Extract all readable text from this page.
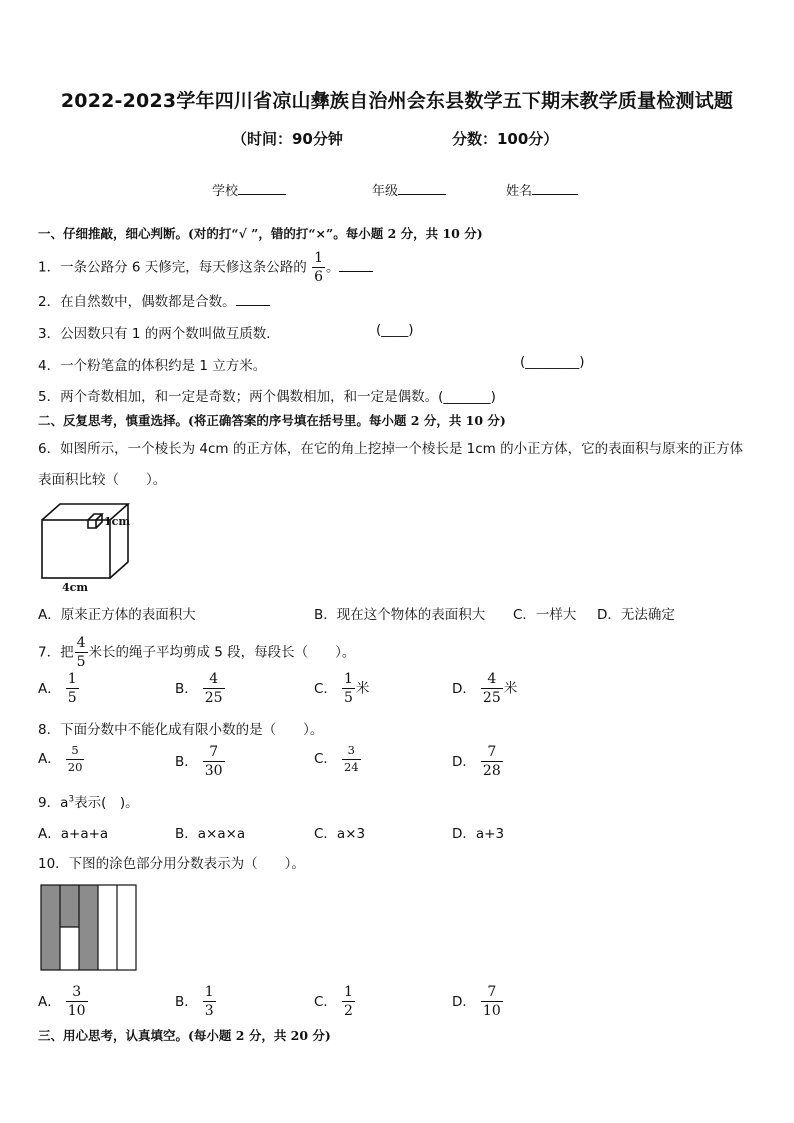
2022-2023学年四川省凉山彝族自治州会东县数学五下期末教学质量检测试题
（时间：90分钟	分数：100分）
学校	年级	姓名
一、仔细推敲，细心判断。(对的打“√ ”，错的打“×”。每小题 2 分，共 10 分)
1．一条公路分 6 天修完，每天修这条公路的 $\frac{1}{6}$ 。
2．在自然数中，偶数都是合数。
3．公因数只有 1 的两个数叫做互质数．	(____)
4．一个粉笔盒的体积约是 1 立方米。	(________)
5．两个奇数相加，和一定是奇数；两个偶数相加，和一定是偶数。(_______)
二、反复思考，慎重选择。(将正确答案的序号填在括号里。每小题 2 分，共 10 分)
6．如图所示，一个棱长为 4cm 的正方体，在它的角上挖掉一个棱长是 1cm 的小正方体，它的表面积与原来的正方体
表面积比较（　　）。
1cm
4cm
A．原来正方体的表面积大	B．现在这个物体的表面积大 C．一样大 D．无法确定
7．把 $\frac{4}{5}$ 米长的绳子平均剪成 5 段，每段长（　　）。
A． $\frac{1}{5}$	B． $\frac{4}{25}$	C． $\frac{1}{5}$ 米	D． $\frac{4}{25}$ 米
8．下面分数中不能化成有限小数的是（　　）。
A． $\frac{5}{20}$	B． $\frac{7}{30}$	C． $\frac{3}{24}$	D． $\frac{7}{28}$
9．$a^3$表示(　)。
A．a+a+a	B．a×a×a	C．a×3	D．a+3
10．下图的涂色部分用分数表示为（　　）。
A． $\frac{3}{10}$	B． $\frac{1}{3}$	C． $\frac{1}{2}$	D． $\frac{7}{10}$
三、用心思考，认真填空。(每小题 2 分，共 20 分)
